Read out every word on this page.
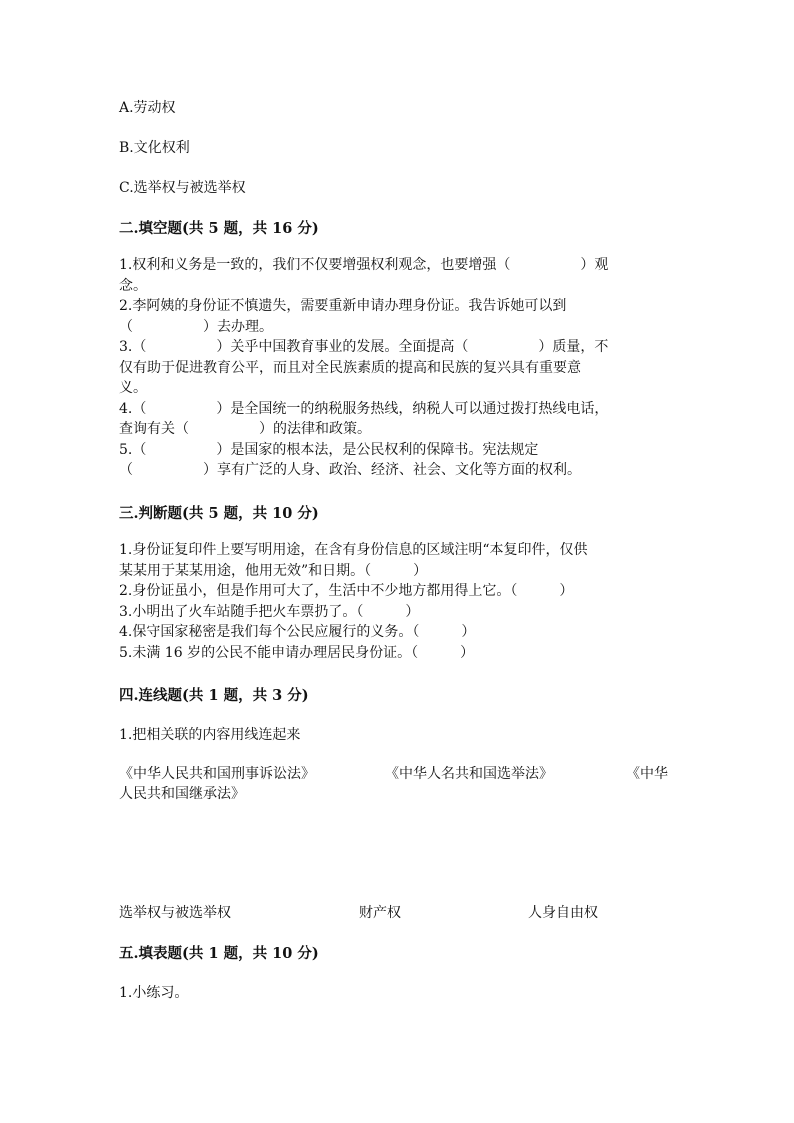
A.劳动权
B.文化权利
C.选举权与被选举权
二.填空题(共 5 题，共 16 分)
1.权利和义务是一致的，我们不仅要增强权利观念，也要增强（　　　　　）观
念。
2.李阿姨的身份证不慎遗失，需要重新申请办理身份证。我告诉她可以到
（　　　　　）去办理。
3.（　　　　　）关乎中国教育事业的发展。全面提高（　　　　　）质量，不
仅有助于促进教育公平，而且对全民族素质的提高和民族的复兴具有重要意
义。
4.（　　　　　）是全国统一的纳税服务热线，纳税人可以通过拨打热线电话，
查询有关（　　　　　）的法律和政策。
5.（　　　　　）是国家的根本法，是公民权利的保障书。宪法规定
（　　　　　）享有广泛的人身、政治、经济、社会、文化等方面的权利。
三.判断题(共 5 题，共 10 分)
1.身份证复印件上要写明用途，在含有身份信息的区域注明“本复印件，仅供
某某用于某某用途，他用无效”和日期。（　　　）
2.身份证虽小，但是作用可大了，生活中不少地方都用得上它。（　　　）
3.小明出了火车站随手把火车票扔了。（　　　）
4.保守国家秘密是我们每个公民应履行的义务。（　　　）
5.未满 16 岁的公民不能申请办理居民身份证。（　　　）
四.连线题(共 1 题，共 3 分)
1.把相关联的内容用线连起来
《中华人民共和国刑事诉讼法》	《中华人名共和国选举法》	《中华
人民共和国继承法》
选举权与被选举权	财产权	人身自由权
五.填表题(共 1 题，共 10 分)
1.小练习。
